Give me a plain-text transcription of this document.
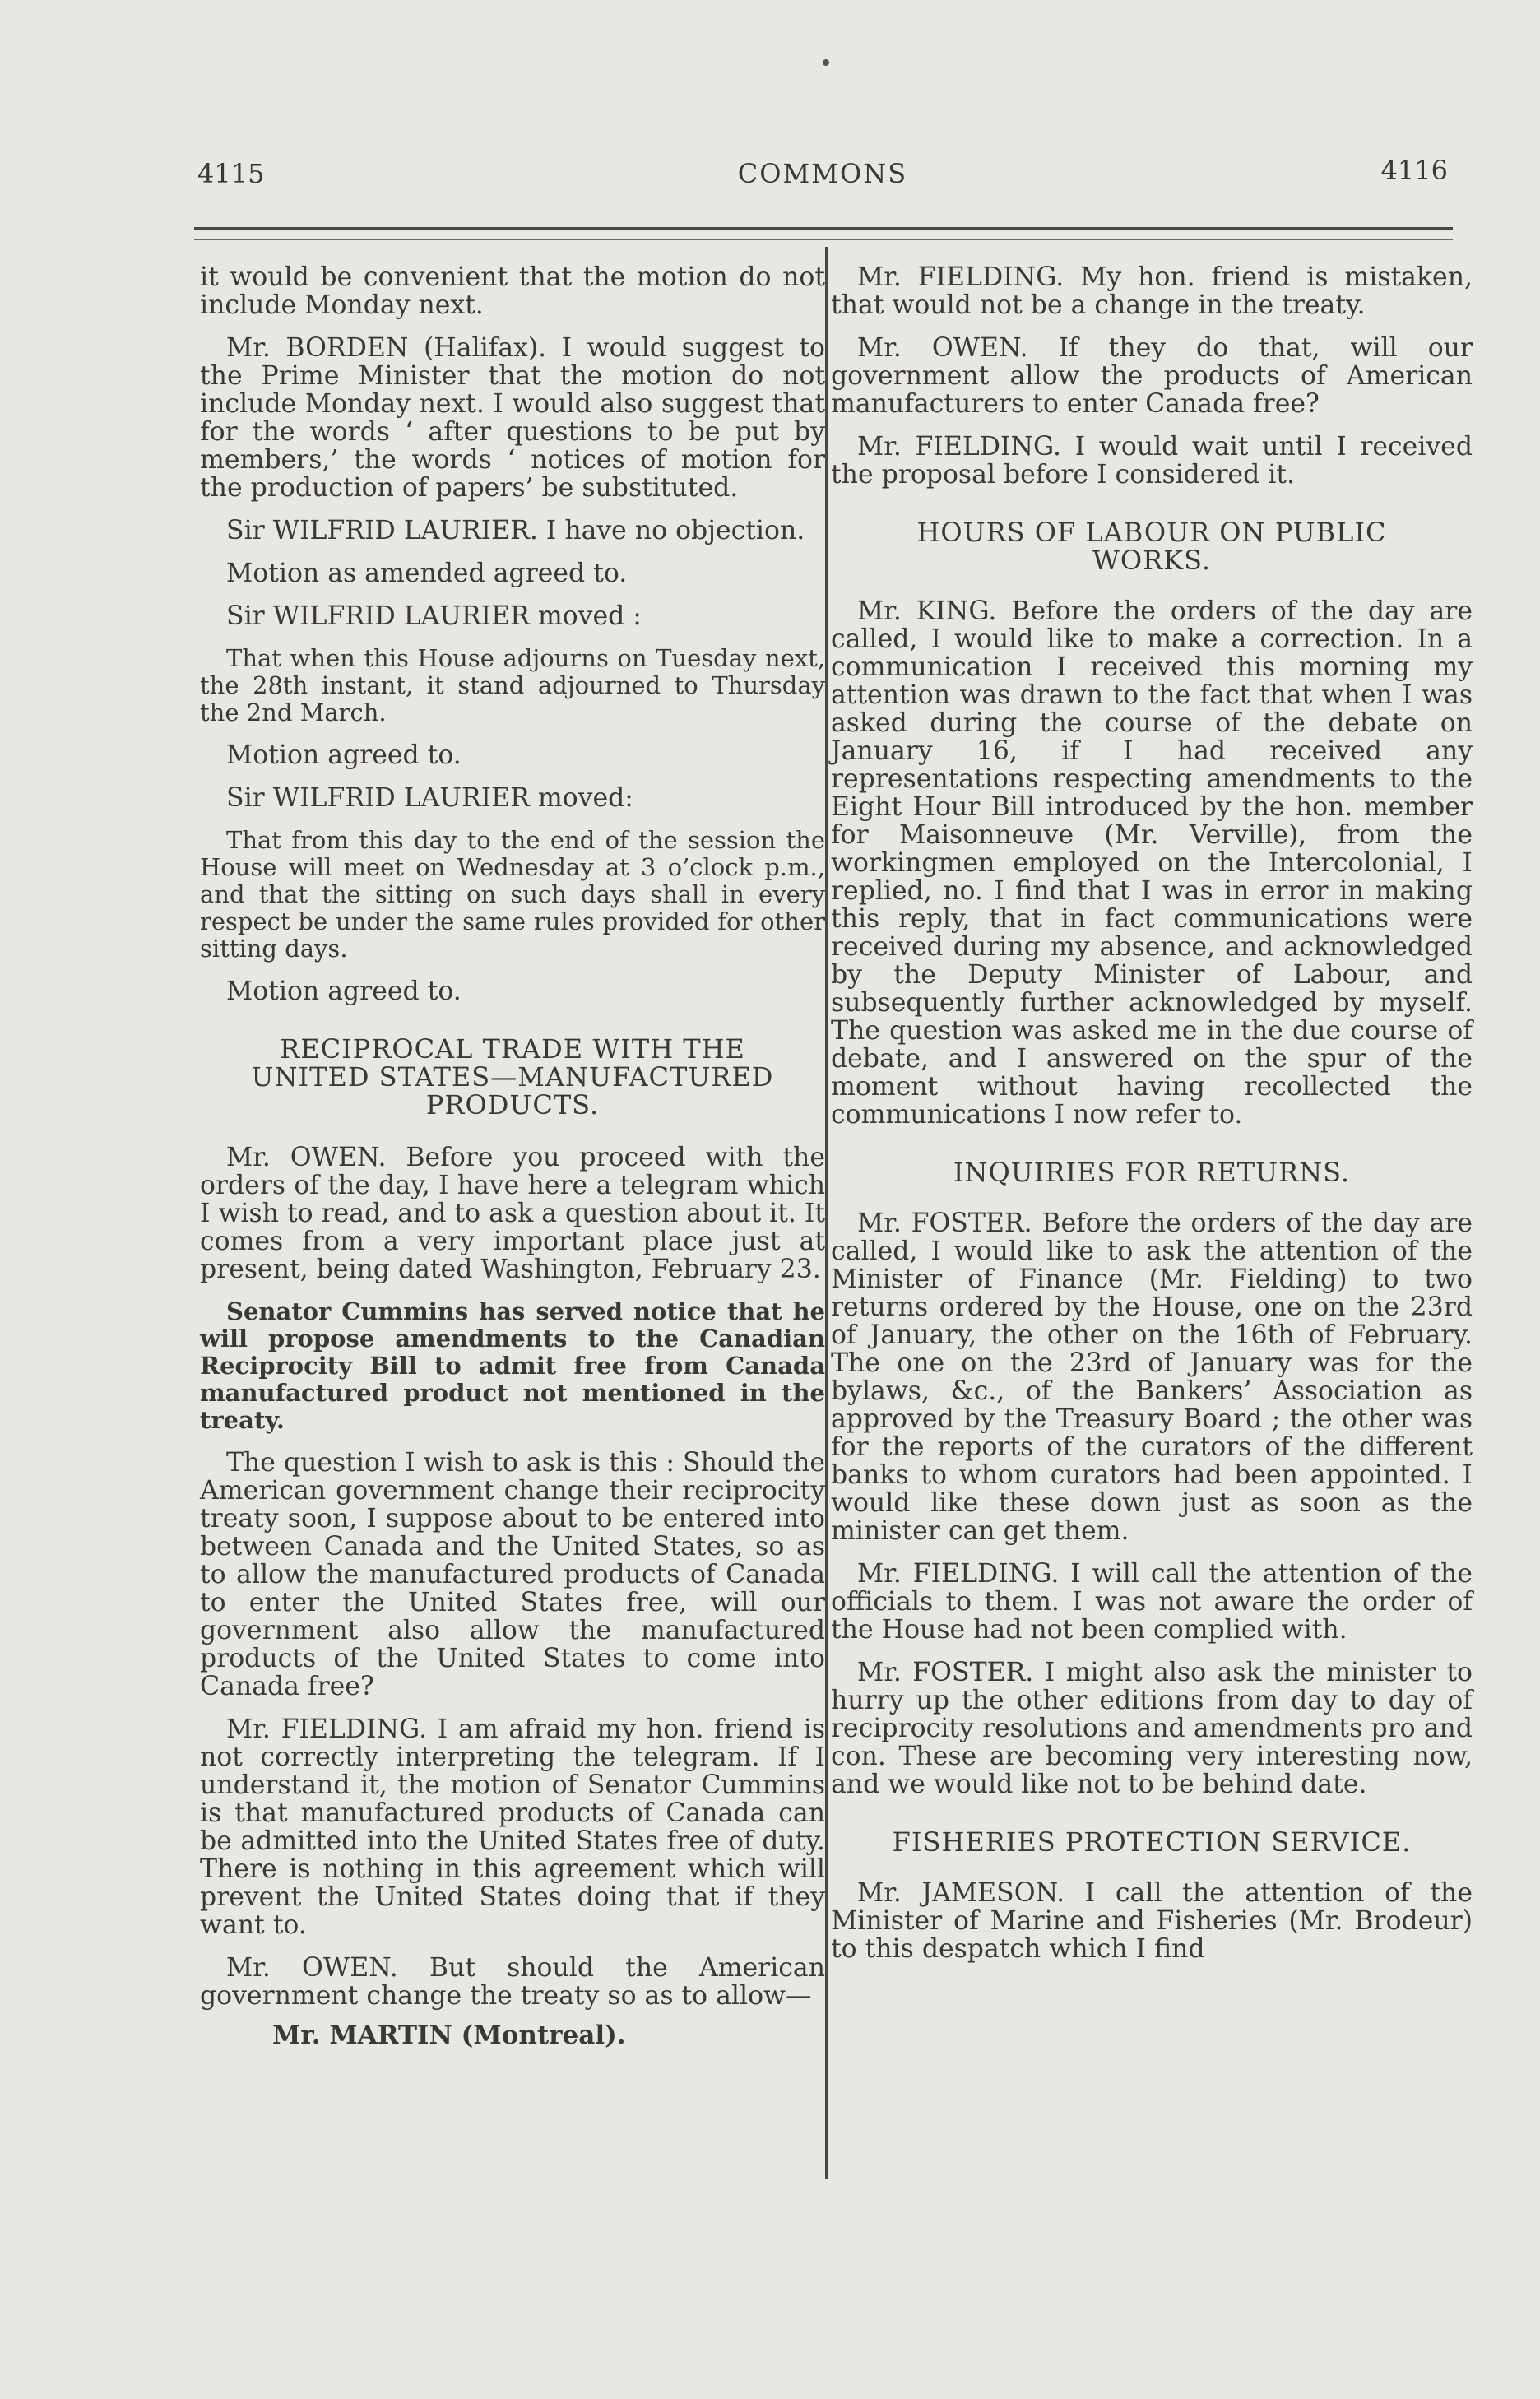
4115	COMMONS	4116

it would be convenient that the motion do not include Monday next.

Mr. BORDEN (Halifax). I would suggest to the Prime Minister that the motion do not include Monday next. I would also suggest that for the words ‘ after questions to be put by members,’ the words ‘ notices of motion for the production of papers’ be substituted.

Sir WILFRID LAURIER. I have no objection.

Motion as amended agreed to.

Sir WILFRID LAURIER moved :

That when this House adjourns on Tuesday next, the 28th instant, it stand adjourned to Thursday the 2nd March.

Motion agreed to.

Sir WILFRID LAURIER moved:

That from this day to the end of the session the House will meet on Wednesday at 3 o’clock p.m., and that the sitting on such days shall in every respect be under the same rules provided for other sitting days.

Motion agreed to.

RECIPROCAL TRADE WITH THE UNITED STATES—MANUFACTURED PRODUCTS.

Mr. OWEN. Before you proceed with the orders of the day, I have here a telegram which I wish to read, and to ask a question about it. It comes from a very important place just at present, being dated Washington, February 23.

Senator Cummins has served notice that he will propose amendments to the Canadian Reciprocity Bill to admit free from Canada manufactured product not mentioned in the treaty.

The question I wish to ask is this : Should the American government change their reciprocity treaty soon, I suppose about to be entered into between Canada and the United States, so as to allow the manufactured products of Canada to enter the United States free, will our government also allow the manufactured products of the United States to come into Canada free?

Mr. FIELDING. I am afraid my hon. friend is not correctly interpreting the telegram. If I understand it, the motion of Senator Cummins is that manufactured products of Canada can be admitted into the United States free of duty. There is nothing in this agreement which will prevent the United States doing that if they want to.

Mr. OWEN. But should the American government change the treaty so as to allow—

Mr. MARTIN (Montreal).

Mr. FIELDING. My hon. friend is mistaken, that would not be a change in the treaty.

Mr. OWEN. If they do that, will our government allow the products of American manufacturers to enter Canada free?

Mr. FIELDING. I would wait until I received the proposal before I considered it.

HOURS OF LABOUR ON PUBLIC WORKS.

Mr. KING. Before the orders of the day are called, I would like to make a correction. In a communication I received this morning my attention was drawn to the fact that when I was asked during the course of the debate on January 16, if I had received any representations respecting amendments to the Eight Hour Bill introduced by the hon. member for Maisonneuve (Mr. Verville), from the workingmen employed on the Intercolonial, I replied, no. I find that I was in error in making this reply, that in fact communications were received during my absence, and acknowledged by the Deputy Minister of Labour, and subsequently further acknowledged by myself. The question was asked me in the due course of debate, and I answered on the spur of the moment without having recollected the communications I now refer to.

INQUIRIES FOR RETURNS.

Mr. FOSTER. Before the orders of the day are called, I would like to ask the attention of the Minister of Finance (Mr. Fielding) to two returns ordered by the House, one on the 23rd of January, the other on the 16th of February. The one on the 23rd of January was for the bylaws, &c., of the Bankers’ Association as approved by the Treasury Board ; the other was for the reports of the curators of the different banks to whom curators had been appointed. I would like these down just as soon as the minister can get them.

Mr. FIELDING. I will call the attention of the officials to them. I was not aware the order of the House had not been complied with.

Mr. FOSTER. I might also ask the minister to hurry up the other editions from day to day of reciprocity resolutions and amendments pro and con. These are becoming very interesting now, and we would like not to be behind date.

FISHERIES PROTECTION SERVICE.

Mr. JAMESON. I call the attention of the Minister of Marine and Fisheries (Mr. Brodeur) to this despatch which I find
